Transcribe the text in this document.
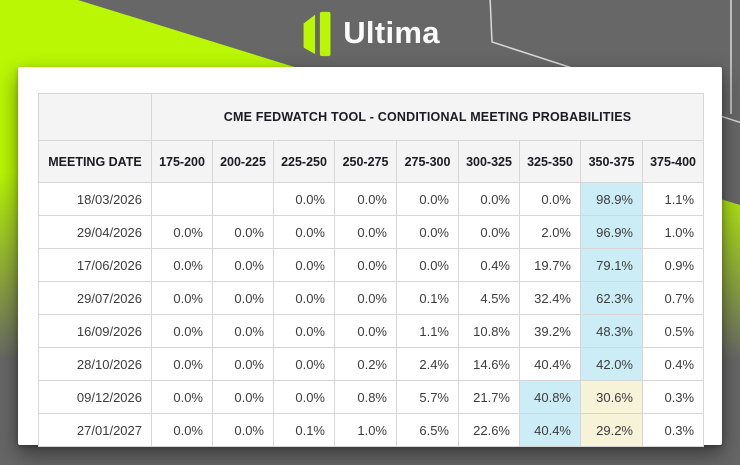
Ultima
	CME FEDWATCH TOOL - CONDITIONAL MEETING PROBABILITIES								
MEETING DATE	175-200	200-225	225-250	250-275	275-300	300-325	325-350	350-375	375-400
18/03/2026			0.0%	0.0%	0.0%	0.0%	0.0%	98.9%	1.1%
29/04/2026	0.0%	0.0%	0.0%	0.0%	0.0%	0.0%	2.0%	96.9%	1.0%
17/06/2026	0.0%	0.0%	0.0%	0.0%	0.0%	0.4%	19.7%	79.1%	0.9%
29/07/2026	0.0%	0.0%	0.0%	0.0%	0.1%	4.5%	32.4%	62.3%	0.7%
16/09/2026	0.0%	0.0%	0.0%	0.0%	1.1%	10.8%	39.2%	48.3%	0.5%
28/10/2026	0.0%	0.0%	0.0%	0.2%	2.4%	14.6%	40.4%	42.0%	0.4%
09/12/2026	0.0%	0.0%	0.0%	0.8%	5.7%	21.7%	40.8%	30.6%	0.3%
27/01/2027	0.0%	0.0%	0.1%	1.0%	6.5%	22.6%	40.4%	29.2%	0.3%
